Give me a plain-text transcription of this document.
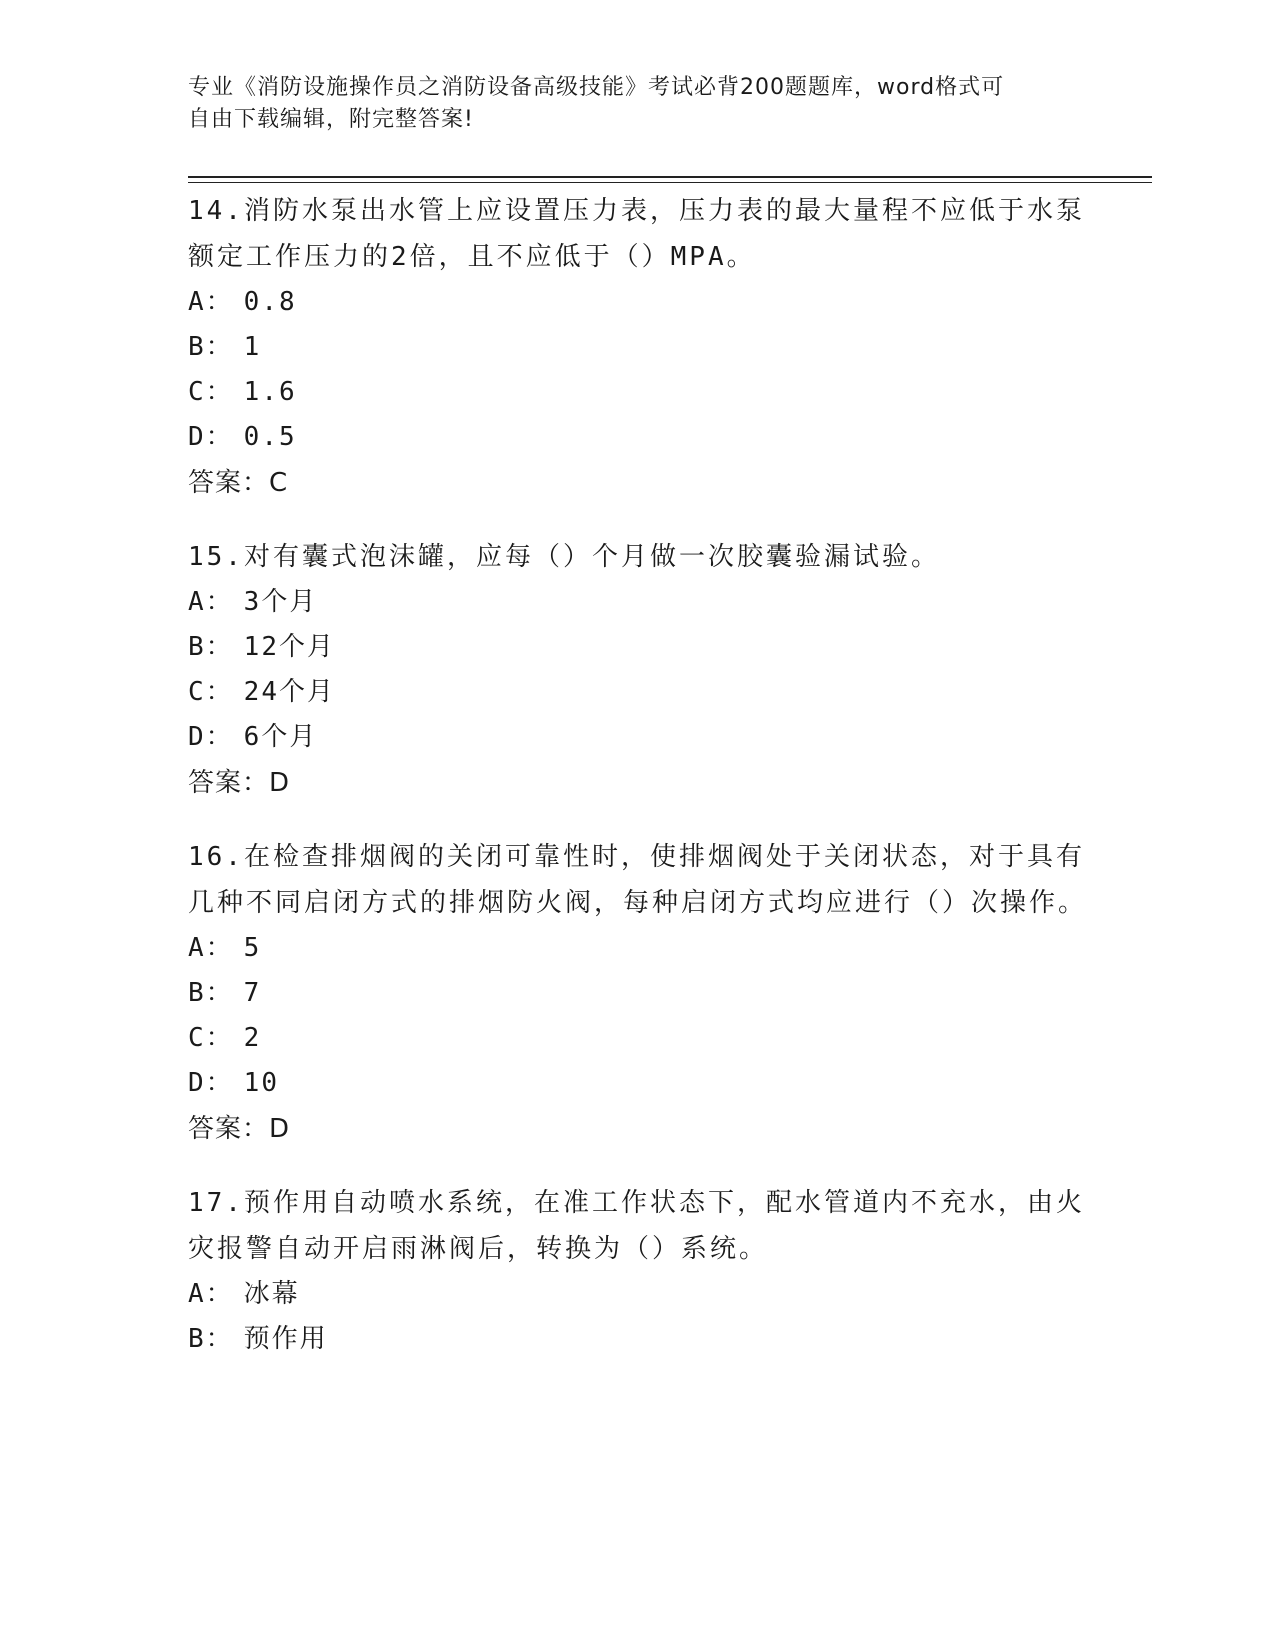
专业《消防设施操作员之消防设备高级技能》考试必背200题题库，word格式可
自由下载编辑，附完整答案!
14.消防水泵出水管上应设置压力表，压力表的最大量程不应低于水泵额定工作压力的2倍，且不应低于（）MPA。
A： 0.8
B： 1
C： 1.6
D： 0.5
答案：C
15.对有囊式泡沫罐，应每（）个月做一次胶囊验漏试验。
A： 3个月
B： 12个月
C： 24个月
D： 6个月
答案：D
16.在检查排烟阀的关闭可靠性时，使排烟阀处于关闭状态，对于具有几种不同启闭方式的排烟防火阀，每种启闭方式均应进行（）次操作。
A： 5
B： 7
C： 2
D： 10
答案：D
17.预作用自动喷水系统，在准工作状态下，配水管道内不充水，由火灾报警自动开启雨淋阀后，转换为（）系统。
A： 冰幕
B： 预作用
